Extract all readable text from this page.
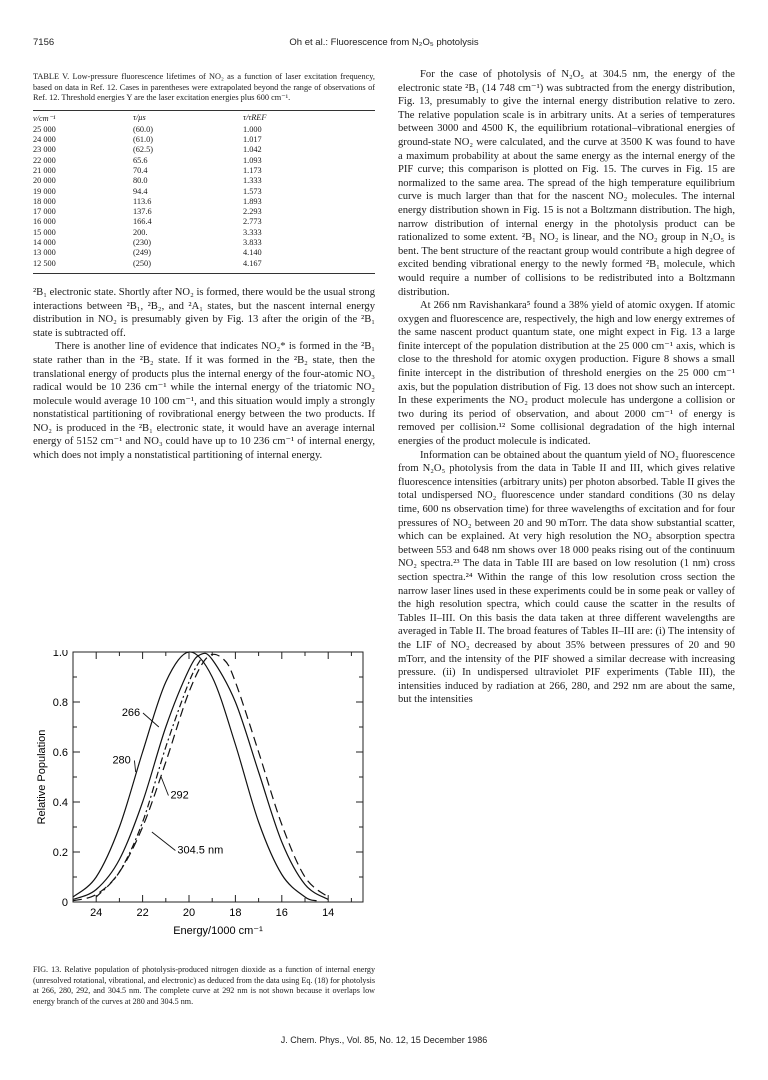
7156	Oh et al.: Fluorescence from N₂O₅ photolysis
TABLE V. Low-pressure fluorescence lifetimes of NO₂ as a function of laser excitation frequency, based on data in Ref. 12. Cases in parentheses were extrapolated beyond the range of observations of Ref. 12. Threshold energies Y are the laser excitation energies plus 600 cm⁻¹.
ν/cm⁻¹	τ/μs	τ/τREF
25 000	(60.0)	1.000
24 000	(61.0)	1.017
23 000	(62.5)	1.042
22 000	65.6	1.093
21 000	70.4	1.173
20 000	80.0	1.333
19 000	94.4	1.573
18 000	113.6	1.893
17 000	137.6	2.293
16 000	166.4	2.773
15 000	200.	3.333
14 000	(230)	3.833
13 000	(249)	4.140
12 500	(250)	4.167

²B₁ electronic state. Shortly after NO₂ is formed, there would be the usual strong interactions between ²B₁, ²B₂, and ²A₁ states, but the nascent internal energy distribution in NO₂ is presumably given by Fig. 13 after the origin of the ²B₁ state is subtracted off.

There is another line of evidence that indicates NO₂* is formed in the ²B₁ state rather than in the ²B₂ state. If it was formed in the ²B₂ state, then the translational energy of products plus the internal energy of the four-atomic NO₃ radical would be 10 236 cm⁻¹ while the internal energy of the triatomic NO₂ molecule would average 10 100 cm⁻¹, and this situation would imply a strongly nonstatistical partitioning of rovibrational energy between the two products. If NO₂ is produced in the ²B₁ electronic state, it would have an average internal energy of 5152 cm⁻¹ and NO₃ could have up to 10 236 cm⁻¹ of internal energy, which does not imply a nonstatistical partitioning of internal energy.

24	22	20	18	16	14
0
0.2
0.4
0.6
0.8
1.0
266
280
292
304.5 nm
Energy/1000 cm⁻¹
Relative Population
FIG. 13. Relative population of photolysis-produced nitrogen dioxide as a function of internal energy (unresolved rotational, vibrational, and electronic) as deduced from the data using Eq. (18) for photolysis at 266, 280, 292, and 304.5 nm. The complete curve at 292 nm is not shown because it overlaps low energy branch of the curves at 280 and 304.5 nm.

For the case of photolysis of N₂O₅ at 304.5 nm, the energy of the electronic state ²B₁ (14 748 cm⁻¹) was subtracted from the energy distribution, Fig. 13, presumably to give the internal energy distribution relative to zero. The relative population scale is in arbitrary units. At a series of temperatures between 3000 and 4500 K, the equilibrium rotational–vibrational energies of ground-state NO₂ were calculated, and the curve at 3500 K was found to have a maximum probability at about the same energy as the internal energy of the PIF curve; this comparison is plotted on Fig. 15. The curves in Fig. 15 are normalized to the same area. The spread of the high temperature equilibrium curve is much larger than that for the nascent NO₂ molecules. The internal energy distribution shown in Fig. 15 is not a Boltzmann distribution. The high, narrow distribution of internal energy in the photolysis product can be rationalized to some extent. ²B₁ NO₂ is linear, and the NO₂ group in N₂O₅ is bent. The bent structure of the reactant group would contribute a high degree of excited bending vibrational energy to the newly formed ²B₁ molecule, which would require a number of collisions to be redistributed into a Boltzmann distribution.

At 266 nm Ravishankara⁵ found a 38% yield of atomic oxygen. If atomic oxygen and fluorescence are, respectively, the high and low energy extremes of the same nascent product quantum state, one might expect in Fig. 13 a large finite intercept of the population distribution at the 25 000 cm⁻¹ axis, which is close to the threshold for atomic oxygen production. Figure 8 shows a small finite intercept in the distribution of threshold energies on the 25 000 cm⁻¹ axis, but the population distribution of Fig. 13 does not show such an intercept. In these experiments the NO₂ product molecule has undergone a collision or two during its period of observation, and about 2000 cm⁻¹ of energy is removed per collision.¹² Some collisional degradation of the high internal energies of the product molecule is indicated.

Information can be obtained about the quantum yield of NO₂ fluorescence from N₂O₅ photolysis from the data in Table II and III, which gives relative fluorescence intensities (arbitrary units) per photon absorbed. Table II gives the total undispersed NO₂ fluorescence under standard conditions (30 ns delay time, 600 ns observation time) for three wavelengths of excitation and for four pressures of NO₂ between 20 and 90 mTorr. The data show substantial scatter, which can be explained. At very high resolution the NO₂ absorption spectra between 553 and 648 nm shows over 18 000 peaks rising out of the continuum NO₂ spectra.²³ The data in Table III are based on low resolution (1 nm) cross section spectra.²⁴ Within the range of this low resolution cross section the narrow laser lines used in these experiments could be in some peak or valley of the high resolution spectra, which could cause the scatter in the results of Tables II–III. On this basis the data taken at three different wavelengths are averaged in Table II. The broad features of Tables II–III are: (i) The intensity of the LIF of NO₂ decreased by about 35% between pressures of 20 and 90 mTorr, and the intensity of the PIF showed a similar decrease with increasing pressure. (ii) In undispersed ultraviolet PIF experiments (Table III), the intensities induced by radiation at 266, 280, and 292 nm are about the same, but the intensities

J. Chem. Phys., Vol. 85, No. 12, 15 December 1986
